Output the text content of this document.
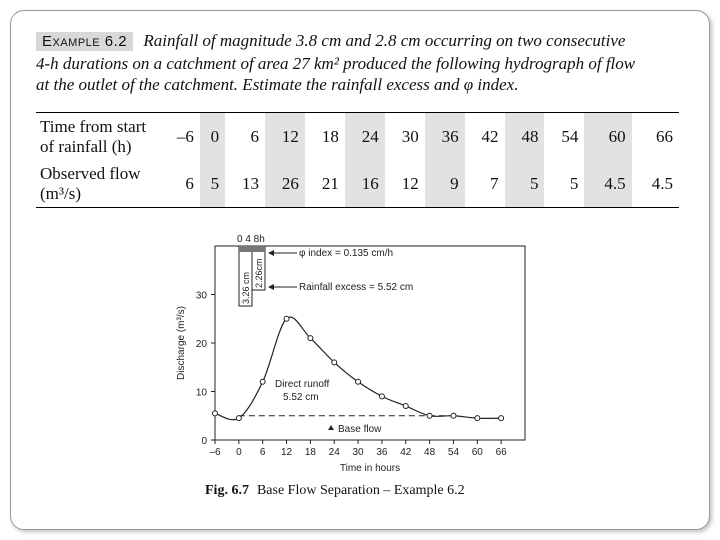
Example 6.2 Rainfall of magnitude 3.8 cm and 2.8 cm occurring on two consecutive
4-h durations on a catchment of area 27 km² produced the following hydrograph of flow
at the outlet of the catchment. Estimate the rainfall excess and φ index.
Time from start
of rainfall (h)	–6	0	6	12	18	24	30	36	42	48	54	60	66
Observed flow
(m³/s)	6	5	13	26	21	16	12	9	7	5	5	4.5	4.5
–6 0 6 12 18 24 30 36 42 48 54 60 66
0
10
20
30
0 4 8h
3.26 cm 2.26cm
φ index = 0.135 cm/h
Rainfall excess = 5.52 cm
Direct runoff
5.52 cm
Base flow
Time in hours
Discharge (m³/s)
Fig. 6.7 Base Flow Separation – Example 6.2
